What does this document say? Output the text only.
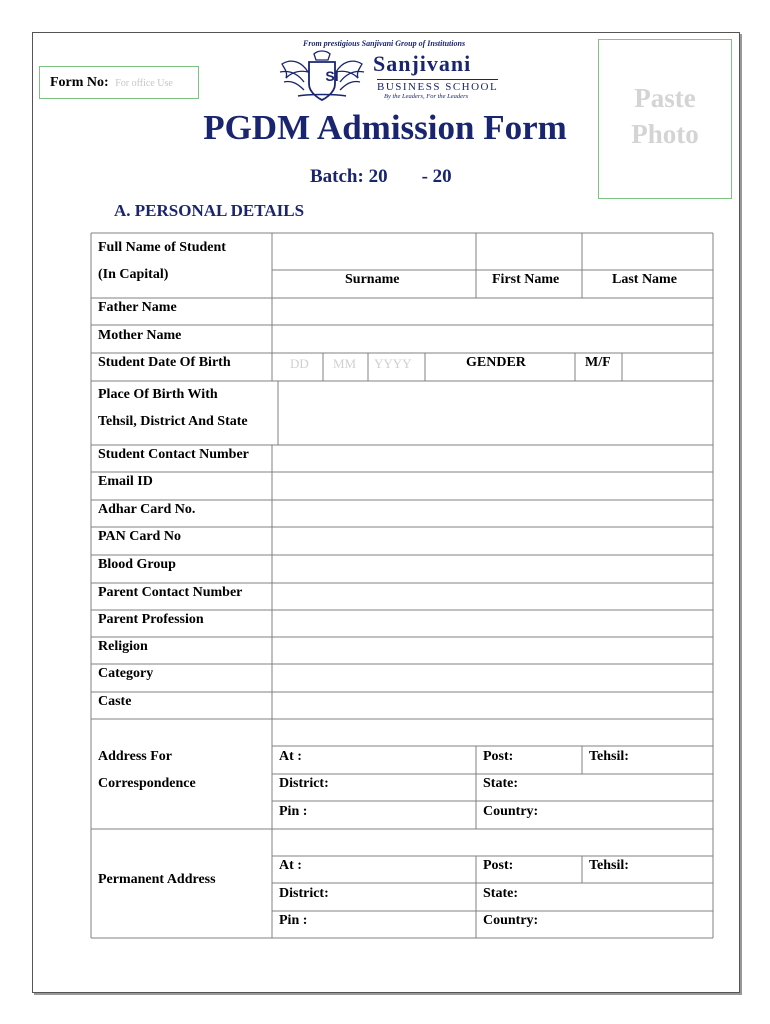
Form No: For office Use
From prestigious Sanjivani Group of Institutions
SI	Sanjivani
BUSINESS SCHOOL
By the Leaders, For the Leaders	Paste
Photo
PGDM Admission Form
Batch: 20 - 20
A. PERSONAL DETAILS
Full Name of Student
(In Capital)	Surname	First Name	Last Name
Father Name
Mother Name
Student Date Of Birth	DD MM YYYY	GENDER	M/F
Place Of Birth With
Tehsil, District And State
Student Contact Number
Email ID
Adhar Card No.
PAN Card No
Blood Group
Parent Contact Number
Parent Profession
Religion
Category
Caste
Address For
Correspondence
At :	Post:	Tehsil:
District:	State:
Pin :	Country:
Permanent Address
At :	Post:	Tehsil:
District:	State:
Pin :	Country:
